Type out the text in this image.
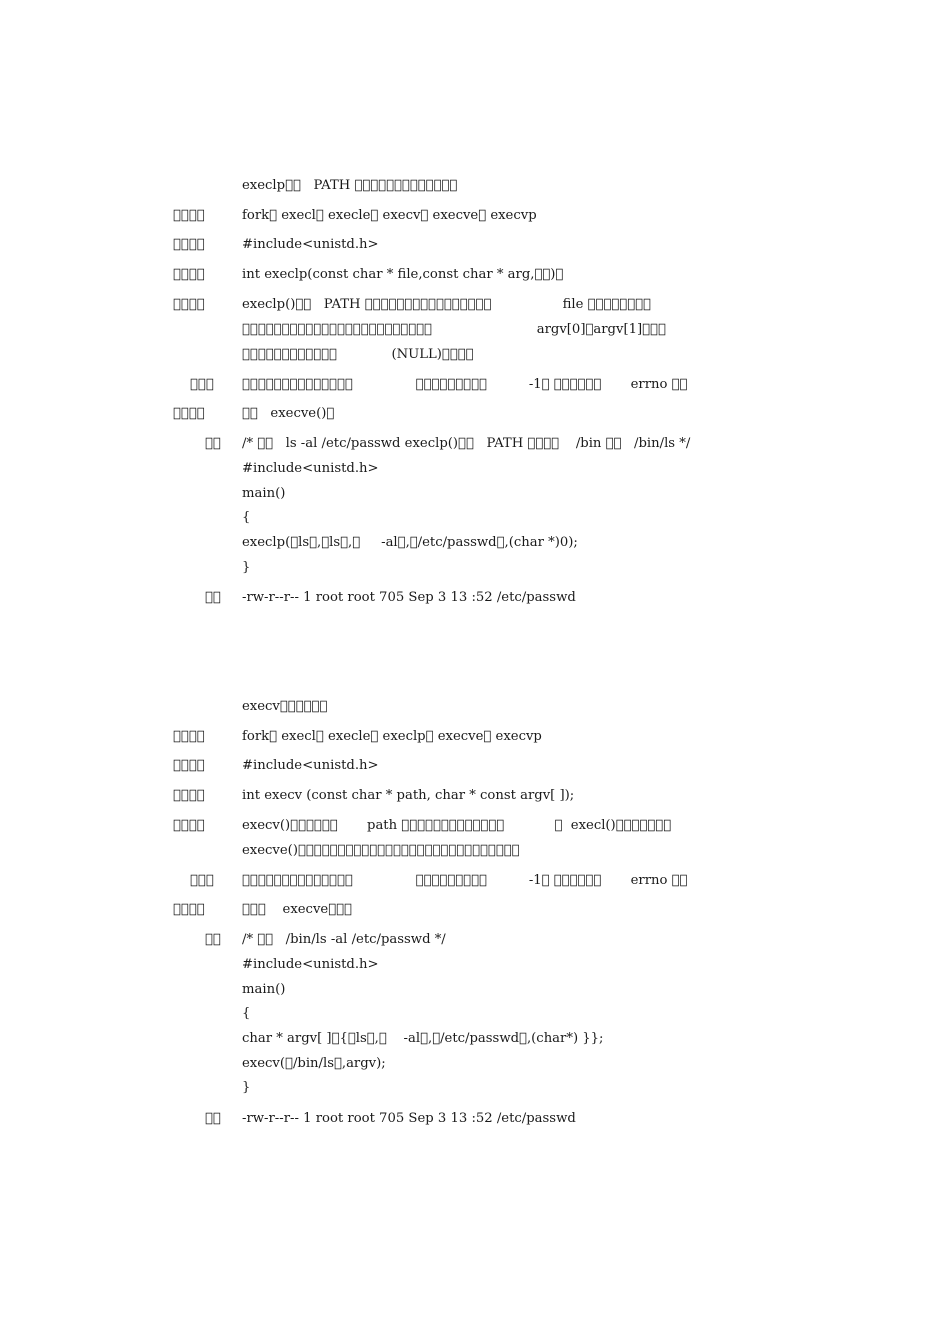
execlp     PATH              
    	fork  execl  execle  execv  execve  execvp
    	#include<unistd.h>
    	int execlp(const char * file,const char * arg,  ) 
    	execlp()     PATH                                  file         
                                                 argv[0] argv[1]   
                         (NULL)    
                                                    -1               errno   
    	     execve() 
   /*      ls -al /etc/passwd execlp()     PATH         /bin      /bin/ls */
#include<unistd.h>
main()
{
execlp( ls , ls ,      -al , /etc/passwd ,(char *)0);
}
   -rw-r--r-- 1 root root 705 Sep 3 13 :52 /etc/passwd
execv      
    	fork  execl  execle  execlp  execve  execvp
    	#include<unistd.h>
    	int execv (const char * path, char * const argv[ ]);
    	execv()             path                             execl()       
execve()                            
                                                    -1               errno   
    	       execve   
   /*      /bin/ls -al /etc/passwd */
#include<unistd.h>
main()
{
char * argv[ ] { ls ,     -al , /etc/passwd ,(char*) }};
execv( /bin/ls ,argv);
}
   -rw-r--r-- 1 root root 705 Sep 3 13 :52 /etc/passwd
